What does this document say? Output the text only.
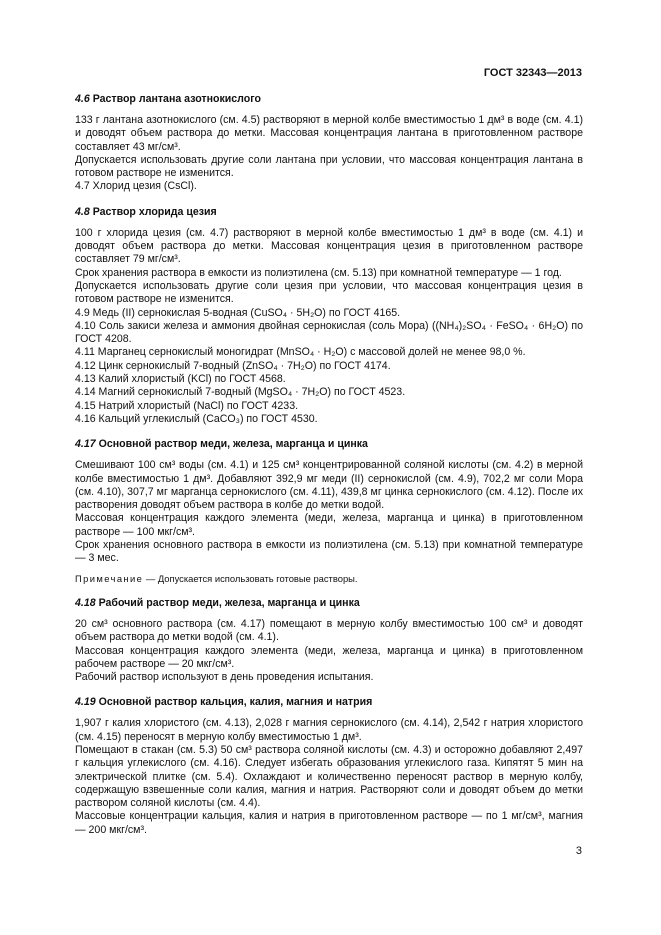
ГОСТ 32343—2013
4.6 Раствор лантана азотнокислого

133 г лантана азотнокислого (см. 4.5) растворяют в мерной колбе вместимостью 1 дм³ в воде (см. 4.1) и доводят объем раствора до метки. Массовая концентрация лантана в приготовленном растворе составляет 43 мг/см³.

Допускается использовать другие соли лантана при условии, что массовая концентрация лантана в готовом растворе не изменится.

4.7 Хлорид цезия (CsCl).

4.8 Раствор хлорида цезия

100 г хлорида цезия (см. 4.7) растворяют в мерной колбе вместимостью 1 дм³ в воде (см. 4.1) и доводят объем раствора до метки. Массовая концентрация цезия в приготовленном растворе составляет 79 мг/см³.

Срок хранения раствора в емкости из полиэтилена (см. 5.13) при комнатной температуре — 1 год.

Допускается использовать другие соли цезия при условии, что массовая концентрация цезия в готовом растворе не изменится.

4.9 Медь (II) сернокислая 5-водная (CuSO₄ · 5H₂O) по ГОСТ 4165.

4.10 Соль закиси железа и аммония двойная сернокислая (соль Мора) ((NH₄)₂SO₄ · FeSO₄ · 6H₂O) по ГОСТ 4208.

4.11 Марганец сернокислый моногидрат (MnSO₄ · H₂O) с массовой долей не менее 98,0 %.

4.12 Цинк сернокислый 7-водный (ZnSO₄ · 7H₂O) по ГОСТ 4174.

4.13 Калий хлористый (KCl) по ГОСТ 4568.

4.14 Магний сернокислый 7-водный (MgSO₄ · 7H₂O) по ГОСТ 4523.

4.15 Натрий хлористый (NaCl) по ГОСТ 4233.

4.16 Кальций углекислый (CaCO₃) по ГОСТ 4530.

4.17 Основной раствор меди, железа, марганца и цинка

Смешивают 100 см³ воды (см. 4.1) и 125 см³ концентрированной соляной кислоты (см. 4.2) в мерной колбе вместимостью 1 дм³. Добавляют 392,9 мг меди (II) сернокислой (см. 4.9), 702,2 мг соли Мора (см. 4.10), 307,7 мг марганца сернокислого (см. 4.11), 439,8 мг цинка сернокислого (см. 4.12). После их растворения доводят объем раствора в колбе до метки водой.

Массовая концентрация каждого элемента (меди, железа, марганца и цинка) в приготовленном растворе — 100 мкг/см³.

Срок хранения основного раствора в емкости из полиэтилена (см. 5.13) при комнатной температуре — 3 мес.

Примечание — Допускается использовать готовые растворы.

4.18 Рабочий раствор меди, железа, марганца и цинка

20 см³ основного раствора (см. 4.17) помещают в мерную колбу вместимостью 100 см³ и доводят объем раствора до метки водой (см. 4.1).

Массовая концентрация каждого элемента (меди, железа, марганца и цинка) в приготовленном рабочем растворе — 20 мкг/см³.

Рабочий раствор используют в день проведения испытания.

4.19 Основной раствор кальция, калия, магния и натрия

1,907 г калия хлористого (см. 4.13), 2,028 г магния сернокислого (см. 4.14), 2,542 г натрия хлористого (см. 4.15) переносят в мерную колбу вместимостью 1 дм³.

Помещают в стакан (см. 5.3) 50 см³ раствора соляной кислоты (см. 4.3) и осторожно добавляют 2,497 г кальция углекислого (см. 4.16). Следует избегать образования углекислого газа. Кипятят 5 мин на электрической плитке (см. 5.4). Охлаждают и количественно переносят раствор в мерную колбу, содержащую взвешенные соли калия, магния и натрия. Растворяют соли и доводят объем до метки раствором соляной кислоты (см. 4.4).

Массовые концентрации кальция, калия и натрия в приготовленном растворе — по 1 мг/см³, магния — 200 мкг/см³.

3
